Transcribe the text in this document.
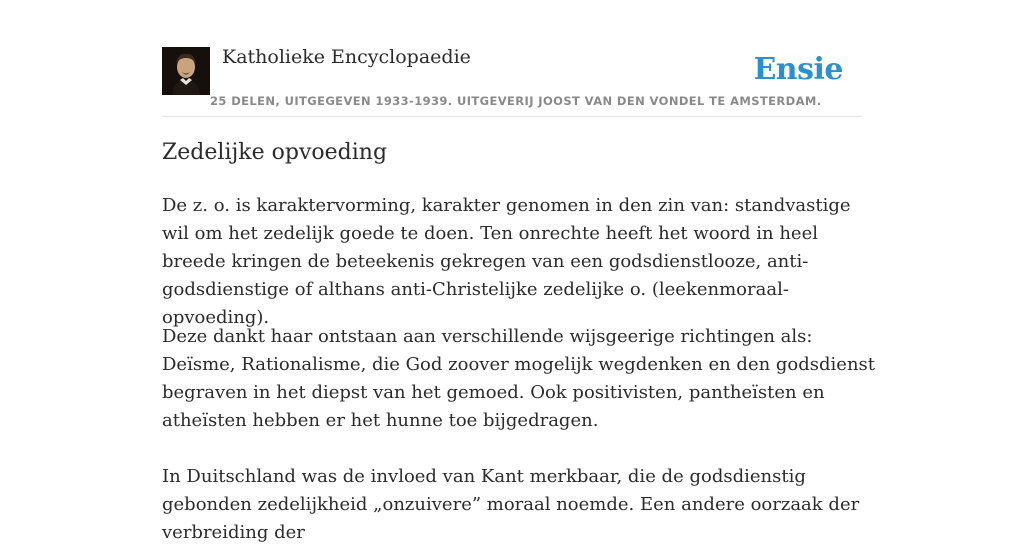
Katholieke Encyclopaedie	Ensie
25 DELEN, UITGEGEVEN 1933-1939. UITGEVERIJ JOOST VAN DEN VONDEL TE AMSTERDAM.
Zedelijke opvoeding

De z. o. is karaktervorming, karakter genomen in den zin van: standvastige wil om het zedelijk goede te doen. Ten onrechte heeft het woord in heel breede kringen de beteekenis gekregen van een godsdienstlooze, anti-godsdienstige of althans anti-Christelijke zedelijke o. (leekenmoraal-opvoeding).

Deze dankt haar ontstaan aan verschillende wijsgeerige richtingen als: Deïsme, Rationalisme, die God zoover mogelijk wegdenken en den godsdienst begraven in het diepst van het gemoed. Ook positivisten, pantheïsten en atheïsten hebben er het hunne toe bijgedragen.

In Duitschland was de invloed van Kant merkbaar, die de godsdienstig gebonden zedelijkheid „onzuivere” moraal noemde. Een andere oorzaak der verbreiding der
